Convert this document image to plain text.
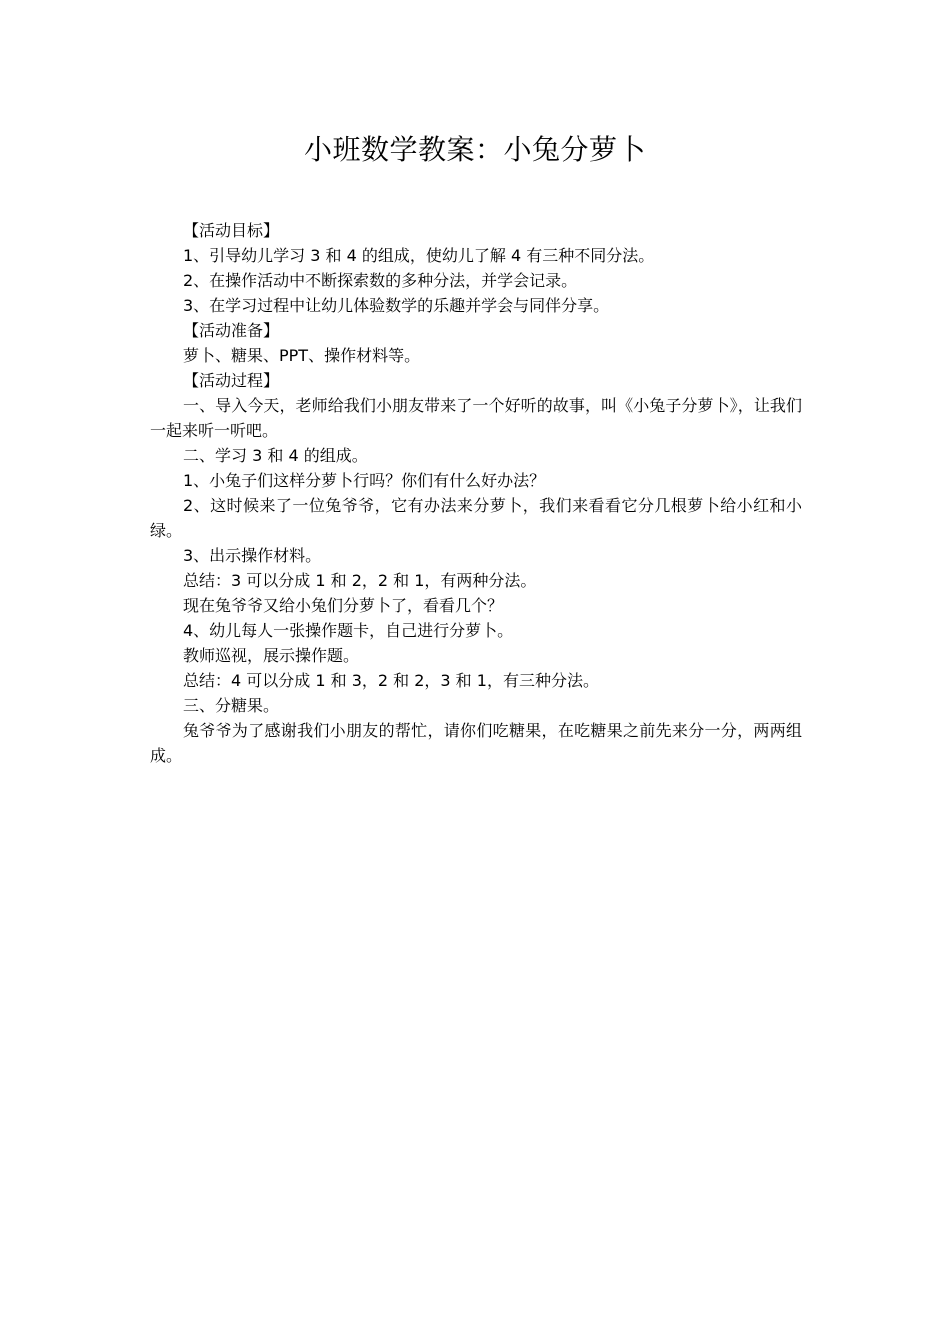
小班数学教案：小兔分萝卜

【活动目标】

1、引导幼儿学习 3 和 4 的组成，使幼儿了解 4 有三种不同分法。

2、在操作活动中不断探索数的多种分法，并学会记录。

3、在学习过程中让幼儿体验数学的乐趣并学会与同伴分享。

【活动准备】

萝卜、糖果、PPT、操作材料等。

【活动过程】

一、导入今天，老师给我们小朋友带来了一个好听的故事，叫《小兔子分萝卜》，让我们一起来听一听吧。

二、学习 3 和 4 的组成。

1、小兔子们这样分萝卜行吗？你们有什么好办法？

2、这时候来了一位兔爷爷，它有办法来分萝卜，我们来看看它分几根萝卜给小红和小绿。

3、出示操作材料。

总结：3 可以分成 1 和 2，2 和 1，有两种分法。

现在兔爷爷又给小兔们分萝卜了，看看几个？

4、幼儿每人一张操作题卡，自己进行分萝卜。

教师巡视，展示操作题。

总结：4 可以分成 1 和 3，2 和 2，3 和 1，有三种分法。

三、分糖果。

兔爷爷为了感谢我们小朋友的帮忙，请你们吃糖果，在吃糖果之前先来分一分，两两组成。
